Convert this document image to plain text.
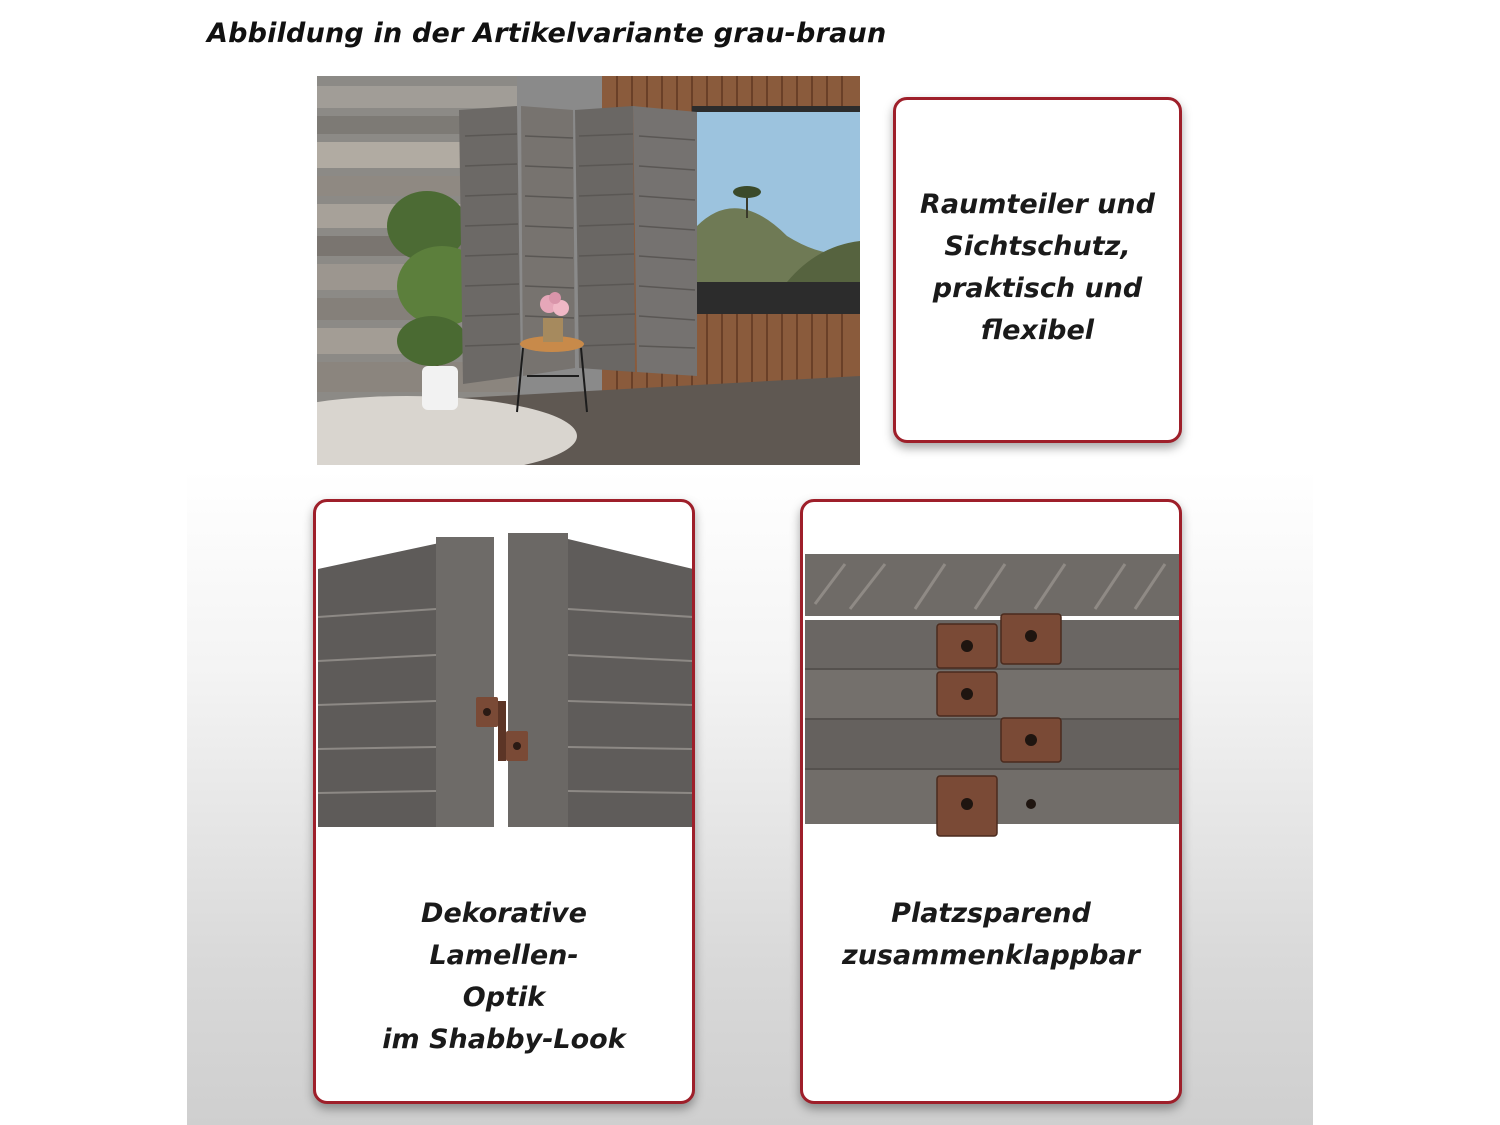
Abbildung in der Artikelvariante grau-braun
Raumteiler und
Sichtschutz,
praktisch und
flexibel
Dekorative
Lamellen-
Optik
im Shabby-Look
Platzsparend
zusammenklappbar
